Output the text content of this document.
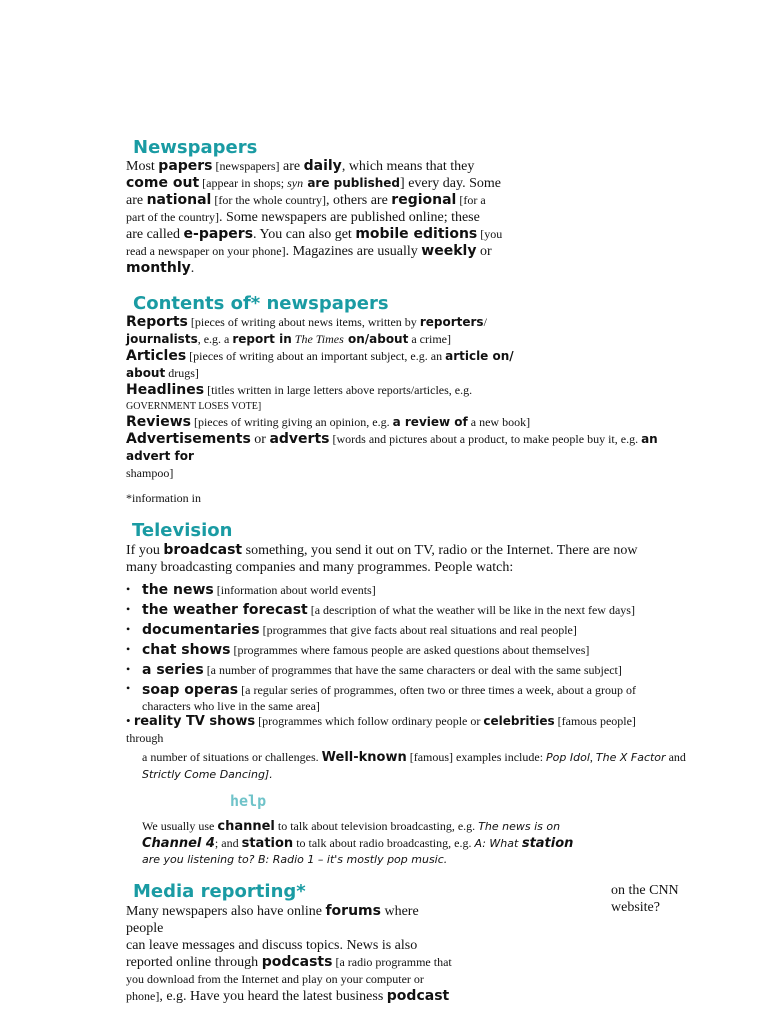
Newspapers

Most papers [newspapers] are daily, which means that they

come out [appear in shops; syn are published] every day. Some

are national [for the whole country], others are regional [for a

part of the country]. Some newspapers are published online; these

are called e-papers. You can also get mobile editions [you

read a newspaper on your phone]. Magazines are usually weekly or

monthly.

Contents of* newspapers

Reports [pieces of writing about news items, written by reporters/

journalists, e.g. a report in The Times on/about a crime]

Articles [pieces of writing about an important subject, e.g. an article on/

about drugs]

Headlines [titles written in large letters above reports/articles, e.g.

GOVERNMENT LOSES VOTE]

Reviews [pieces of writing giving an opinion, e.g. a review of a new book]

Advertisements or adverts [words and pictures about a product, to make people buy it, e.g. an advert for

shampoo]

*information in

Television

If you broadcast something, you send it out on TV, radio or the Internet. There are now

many broadcasting companies and many programmes. People watch:

• the news [information about world events]
• the weather forecast [a description of what the weather will be like in the next few days]
• documentaries [programmes that give facts about real situations and real people]
• chat shows [programmes where famous people are asked questions about themselves]
• a series [a number of programmes that have the same characters or deal with the same subject]
• soap operas [a regular series of programmes, often two or three times a week, about a group of
characters who live in the same area]

• reality TV shows [programmes which follow ordinary people or celebrities [famous people]

through

a number of situations or challenges. Well-known [famous] examples include: Pop Idol, The X Factor and

Strictly Come Dancing].

help

We usually use channel to talk about television broadcasting, e.g. The news is on

Channel 4; and station to talk about radio broadcasting, e.g. A: What station

are you listening to? B: Radio 1 – it's mostly pop music.

Media reporting*

Many newspapers also have online forums where

people

can leave messages and discuss topics. News is also

reported online through podcasts [a radio programme that

you download from the Internet and play on your computer or

phone], e.g. Have you heard the latest business podcast

on the CNN

website?
